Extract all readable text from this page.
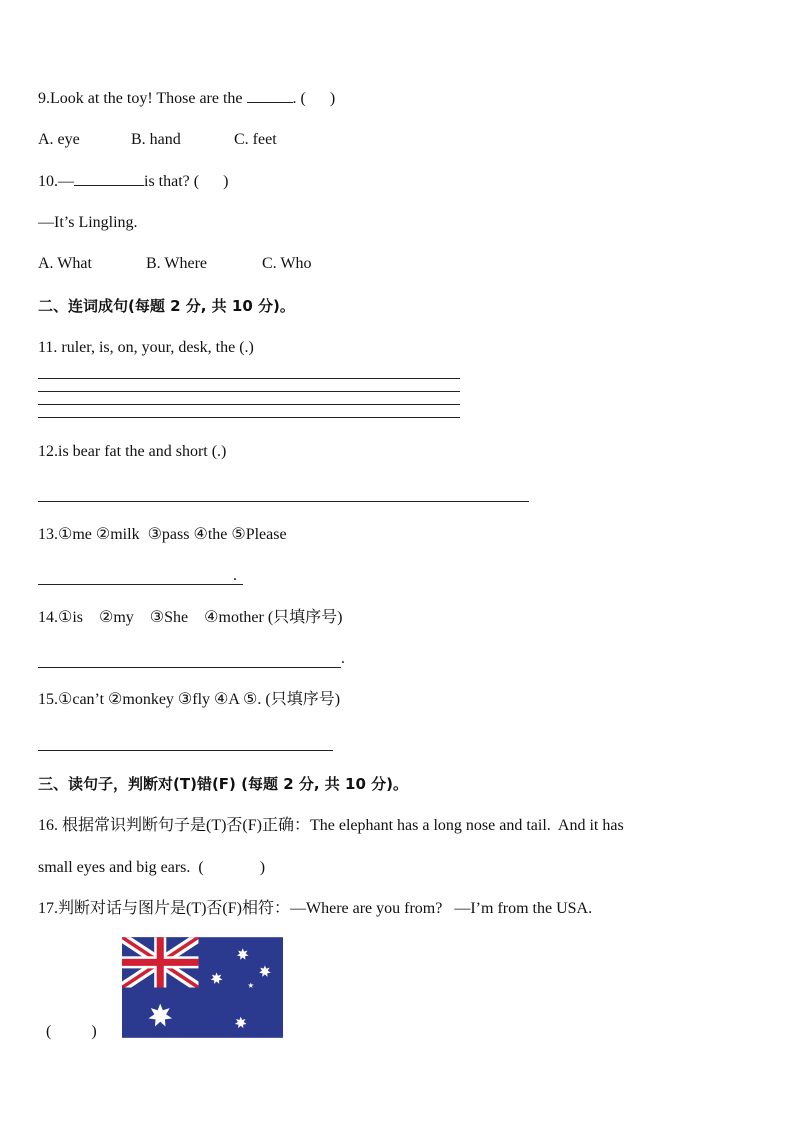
9.Look at the toy! Those are the	. (      )
A. eye	B. hand	C. feet
10.—	is that? (      )
—It’s Lingling.
A. What	B. Where	C. Who
二、连词成句(每题 2 分, 共 10 分)。
11. ruler, is, on, your, desk, the (.)
12.is bear fat the and short (.)
13.①me ②milk  ③pass ④the ⑤Please
.
14.①is    ②my    ③She    ④mother (只填序号)
.
15.①can’t ②monkey ③fly ④A ⑤. (只填序号)
三、读句子，判断对(T)错(F) (每题 2 分, 共 10 分)。
16. 根据常识判断句子是(T)否(F)正确：The elephant has a long nose and tail.  And it has
small eyes and big ears.  (              )
17.判断对话与图片是(T)否(F)相符：—Where are you from?   —I’m from the USA.
(          )
